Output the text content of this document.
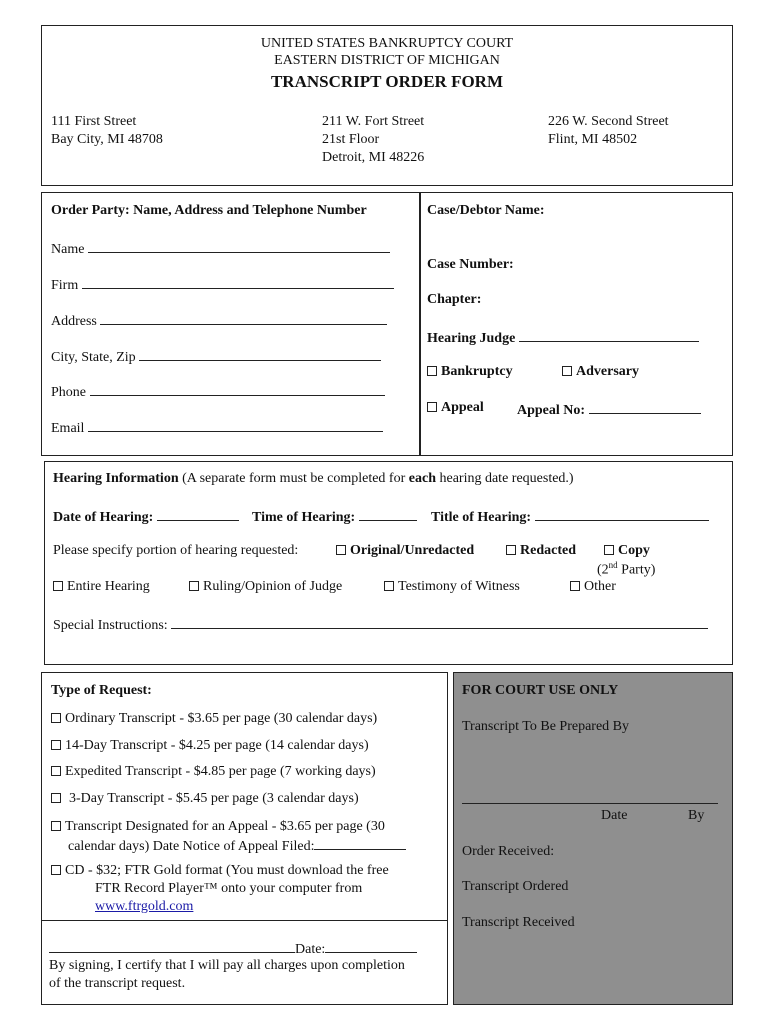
UNITED STATES BANKRUPTCY COURT
EASTERN DISTRICT OF MICHIGAN
TRANSCRIPT ORDER FORM
111 First Street
Bay City, MI 48708
211 W. Fort Street
21st Floor
Detroit, MI 48226
226 W. Second Street
Flint, MI 48502
Order Party: Name, Address and Telephone Number
Name
Firm
Address
City, State, Zip
Phone
Email
Case/Debtor Name:
Case Number:
Chapter:
Hearing Judge
Bankruptcy	Adversary
Appeal Appeal No:
Hearing Information (A separate form must be completed for each hearing date requested.)
Date of Hearing:	Time of Hearing:	Title of Hearing:
Please specify portion of hearing requested:	Original/Unredacted	Redacted	Copy
(2nd Party)
Entire Hearing	Ruling/Opinion of Judge	Testimony of Witness	Other
Special Instructions:
Type of Request:
Ordinary Transcript - $3.65 per page (30 calendar days)
14-Day Transcript - $4.25 per page (14 calendar days)
Expedited Transcript - $4.85 per page (7 working days)
3-Day Transcript - $5.45 per page (3 calendar days)
Transcript Designated for an Appeal - $3.65 per page (30
calendar days) Date Notice of Appeal Filed:
CD - $32; FTR Gold format (You must download the free
FTR Record Player™ onto your computer from
www.ftrgold.com
Date:
By signing, I certify that I will pay all charges upon completion
of the transcript request.
FOR COURT USE ONLY
Transcript To Be Prepared By
Date	By
Order Received:
Transcript Ordered
Transcript Received
